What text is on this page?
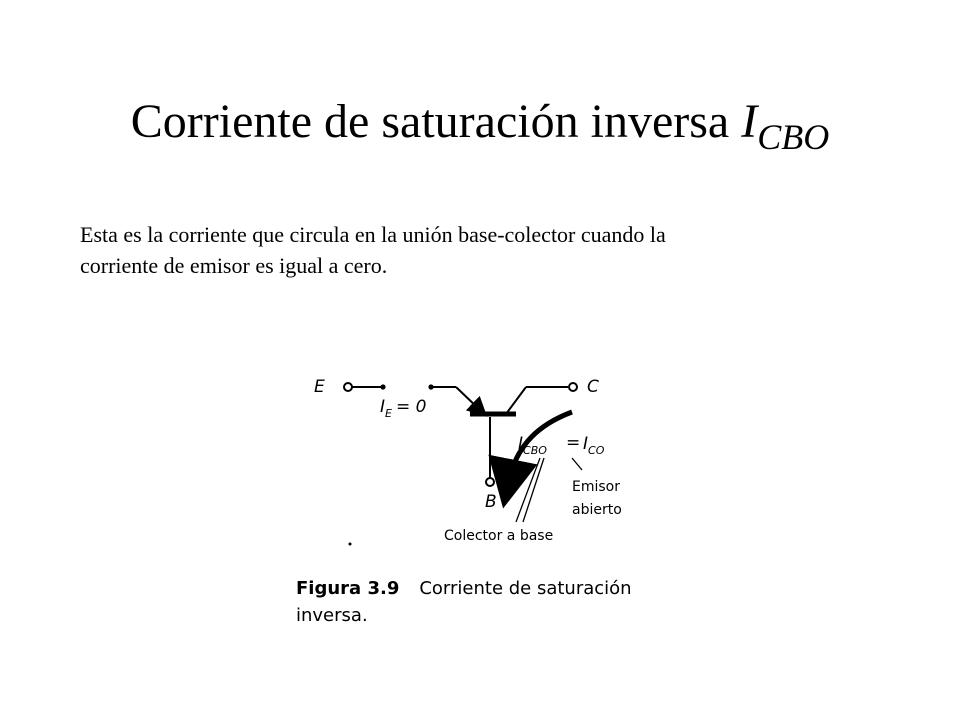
Corriente de saturación inversa $I_{CBO}$

Esta es la corriente que circula en la unión base-colector cuando la

corriente de emisor es igual a cero.

E
$I_E = 0$
C
B
$I_{CBO} = I_{CO}$
Emisor
abierto
Colector a base
Figura 3.9 Corriente de saturación
inversa.
